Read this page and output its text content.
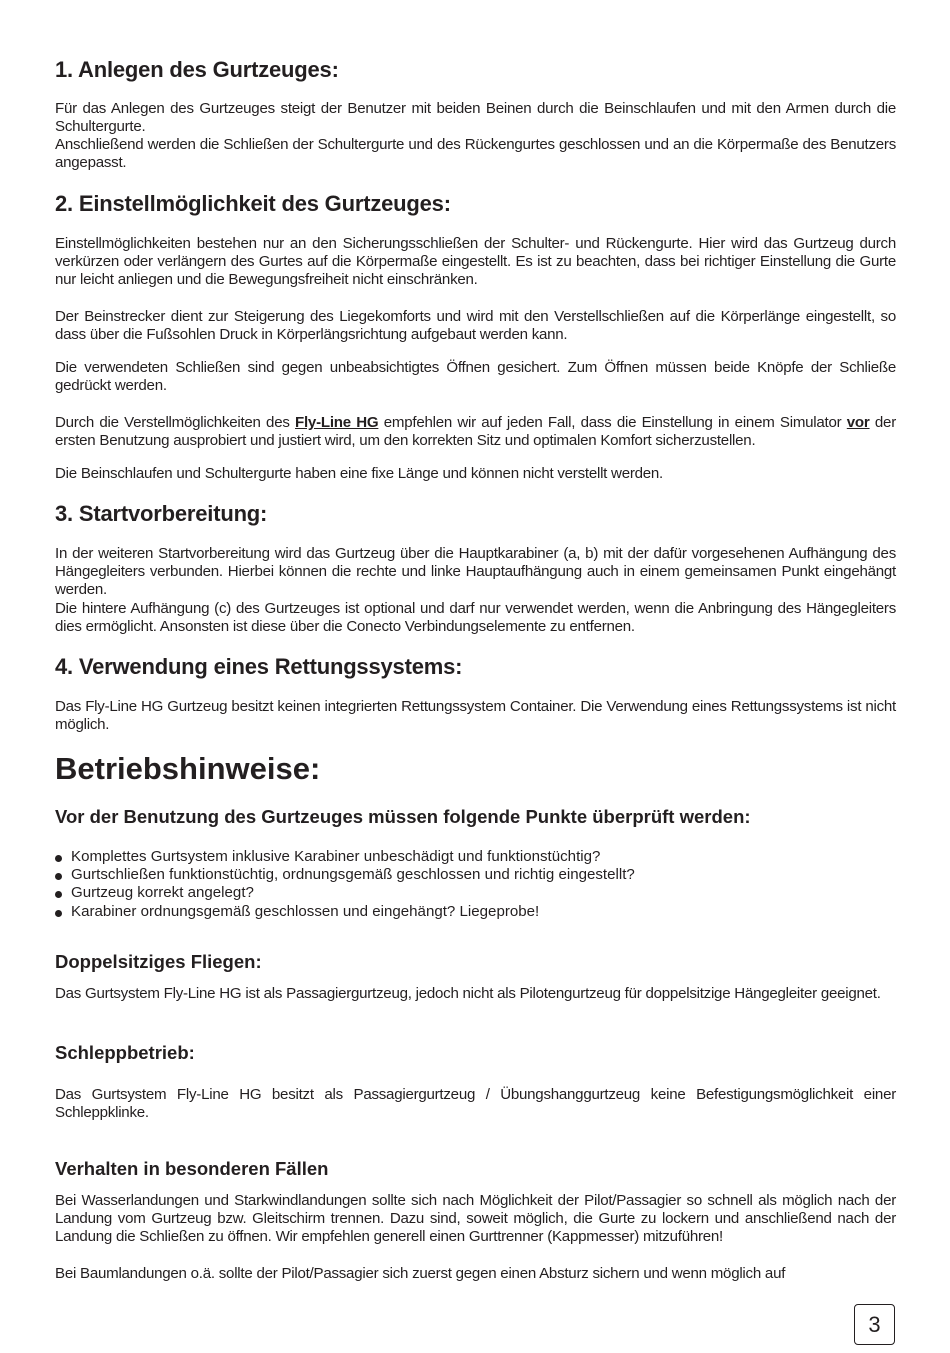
1. Anlegen des Gurtzeuges:
Für das Anlegen des Gurtzeuges steigt der Benutzer mit beiden Beinen durch die Beinschlaufen und mit den Armen durch die Schultergurte.
Anschließend werden die Schließen der Schultergurte und des Rückengurtes geschlossen und an die Körpermaße des Benutzers angepasst.
2. Einstellmöglichkeit des Gurtzeuges:
Einstellmöglichkeiten bestehen nur an den Sicherungsschließen der Schulter- und Rückengurte. Hier wird das Gurtzeug durch verkürzen oder verlängern des Gurtes auf die Körpermaße eingestellt. Es ist zu beachten, dass bei richtiger Einstellung die Gurte nur leicht anliegen und die Bewegungsfreiheit nicht einschränken.
Der Beinstrecker dient zur Steigerung des Liegekomforts und wird mit den Verstellschließen auf die Körperlänge eingestellt, so dass über die Fußsohlen Druck in Körperlängsrichtung aufgebaut werden kann.
Die verwendeten Schließen sind gegen unbeabsichtigtes Öffnen gesichert. Zum Öffnen müssen beide Knöpfe der Schließe gedrückt werden.
Durch die Verstellmöglichkeiten des Fly-Line HG empfehlen wir auf jeden Fall, dass die Einstellung in einem Simulator vor der ersten Benutzung ausprobiert und justiert wird, um den korrekten Sitz und optimalen Komfort sicherzustellen.
Die Beinschlaufen und Schultergurte haben eine fixe Länge und können nicht verstellt werden.
3. Startvorbereitung:
In der weiteren Startvorbereitung wird das Gurtzeug über die Hauptkarabiner (a, b) mit der dafür vorgesehenen Aufhängung des Hängegleiters verbunden. Hierbei können die rechte und linke Hauptaufhängung auch in einem gemeinsamen Punkt eingehängt werden.
Die hintere Aufhängung (c) des Gurtzeuges ist optional und darf nur verwendet werden, wenn die Anbringung des Hängegleiters dies ermöglicht. Ansonsten ist diese über die Conecto Verbindungselemente zu entfernen.
4. Verwendung eines Rettungssystems:
Das Fly-Line HG Gurtzeug besitzt keinen integrierten Rettungssystem Container. Die Verwendung eines Rettungssystems ist nicht möglich.
Betriebshinweise:
Vor der Benutzung des Gurtzeuges müssen folgende Punkte überprüft werden:
Komplettes Gurtsystem inklusive Karabiner unbeschädigt und funktionstüchtig?
Gurtschließen funktionstüchtig, ordnungsgemäß geschlossen und richtig eingestellt?
Gurtzeug korrekt angelegt?
Karabiner ordnungsgemäß geschlossen und eingehängt? Liegeprobe!
Doppelsitziges Fliegen:
Das Gurtsystem Fly-Line HG ist als Passagiergurtzeug, jedoch nicht als Pilotengurtzeug für doppelsitzige Hängegleiter geeignet.
Schleppbetrieb:
Das Gurtsystem Fly-Line HG besitzt als Passagiergurtzeug / Übungshanggurtzeug keine Befestigungsmöglichkeit einer Schleppklinke.
Verhalten in besonderen Fällen
Bei Wasserlandungen und Starkwindlandungen sollte sich nach Möglichkeit der Pilot/Passagier so schnell als möglich nach der Landung vom Gurtzeug bzw. Gleitschirm trennen. Dazu sind, soweit möglich, die Gurte zu lockern und anschließend nach der Landung die Schließen zu öffnen. Wir empfehlen generell einen Gurttrenner (Kappmesser) mitzuführen!
Bei Baumlandungen o.ä. sollte der Pilot/Passagier sich zuerst gegen einen Absturz sichern und wenn möglich auf
3
